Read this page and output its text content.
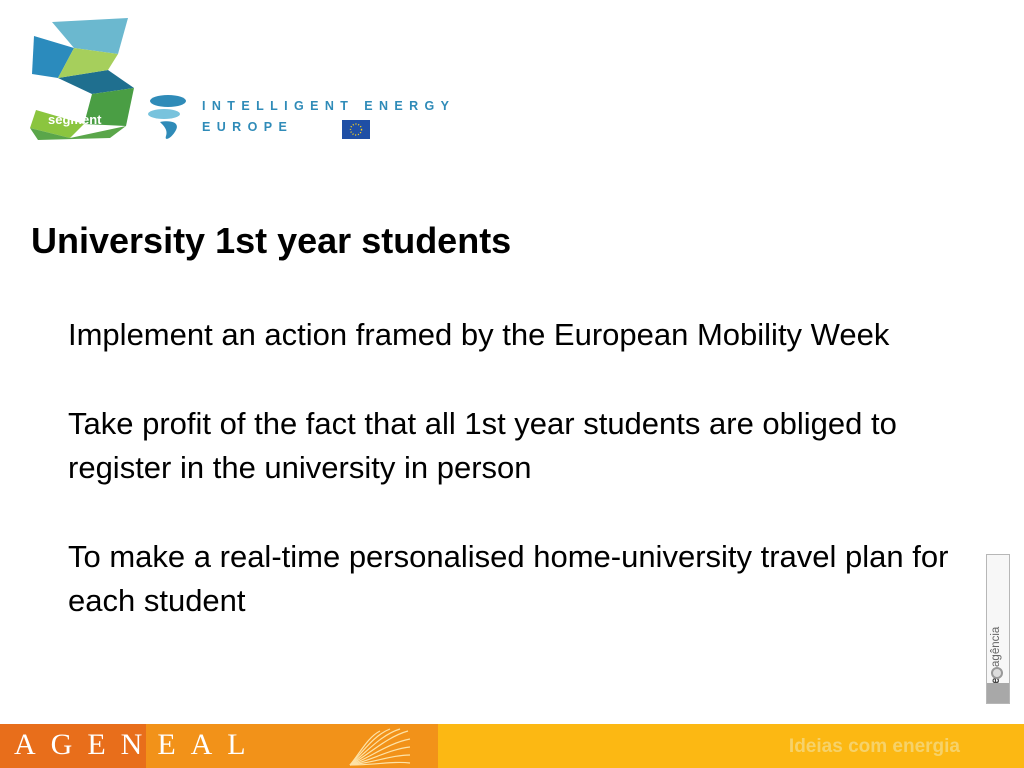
segment
INTELLIGENT ENERGY
EUROPE
University 1st year students

Implement an action framed by the European Mobility Week

Take profit of the fact that all 1st year students are obliged to register in the university in person

To make a real-time personalised home-university travel plan for each student

agência
AGENEAL	Ideias com energia
